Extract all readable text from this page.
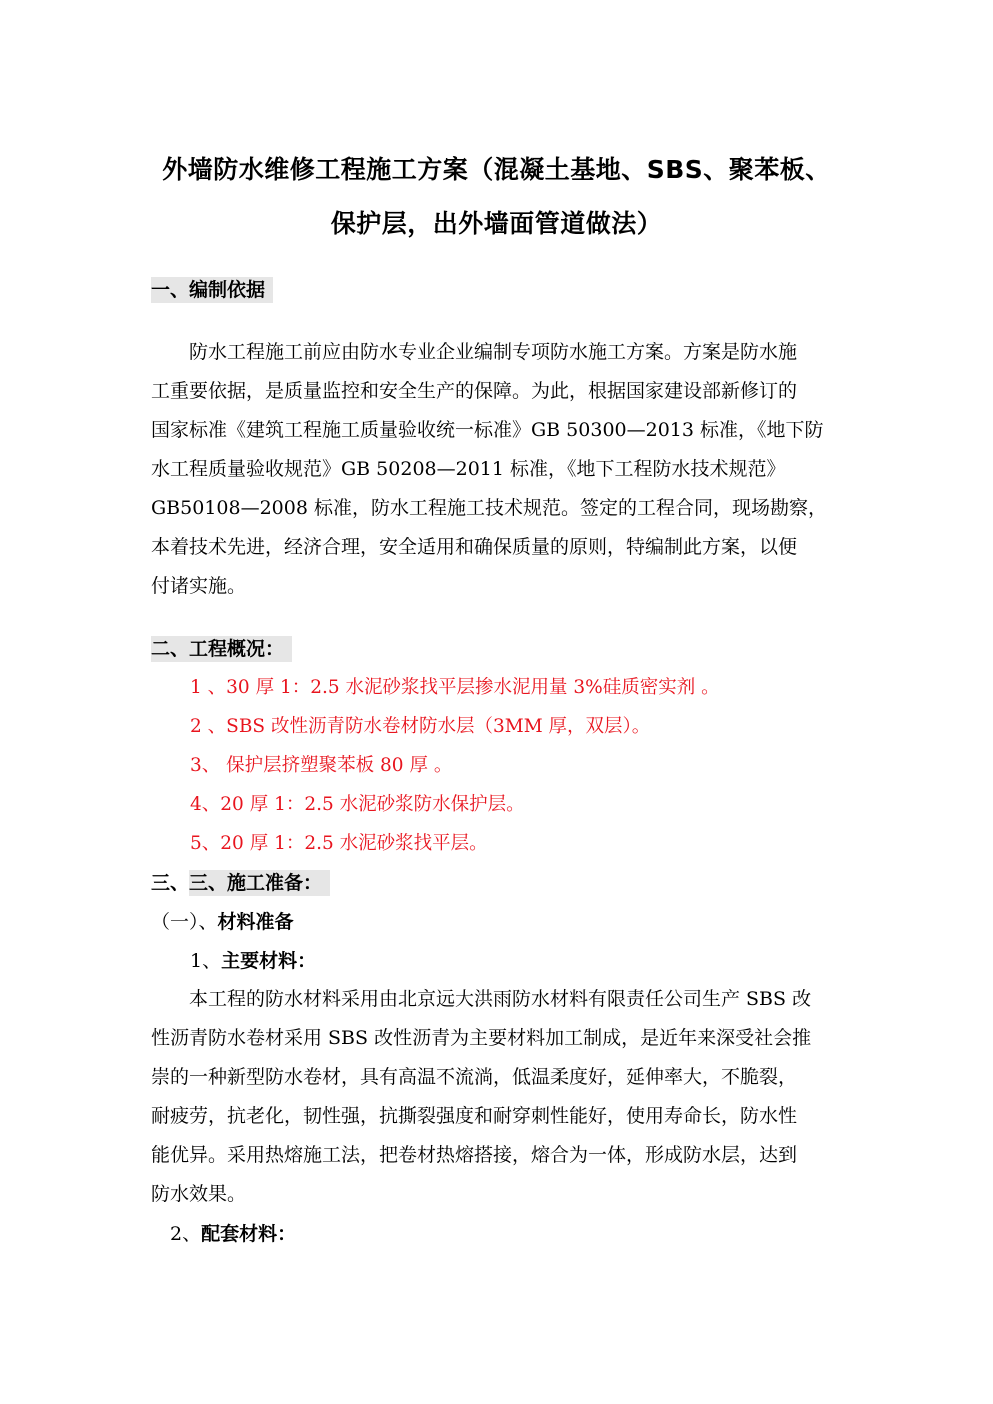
外墙防水维修工程施工方案（混凝土基地、SBS、聚苯板、
保护层，出外墙面管道做法）
一、编制依据
　　防水工程施工前应由防水专业企业编制专项防水施工方案。方案是防水施
工重要依据，是质量监控和安全生产的保障。为此，根据国家建设部新修订的
国家标准《建筑工程施工质量验收统一标准》GB 50300—2013 标准，《地下防
水工程质量验收规范》GB 50208—2011 标准，《地下工程防水技术规范》
GB50108—2008 标准，防水工程施工技术规范。签定的工程合同，现场勘察，
本着技术先进，经济合理，安全适用和确保质量的原则，特编制此方案，以便
付诸实施。
二、工程概况：
1 、30 厚 1：2.5 水泥砂浆找平层掺水泥用量 3%硅质密实剂 。
2 、SBS 改性沥青防水卷材防水层（3MM 厚，双层）。
3、 保护层挤塑聚苯板 80 厚 。
4、20 厚 1：2.5 水泥砂浆防水保护层。
5、20 厚 1：2.5 水泥砂浆找平层。
三、三、施工准备：
（一）、材料准备
1、主要材料：
　　本工程的防水材料采用由北京远大洪雨防水材料有限责任公司生产 SBS 改
性沥青防水卷材采用 SBS 改性沥青为主要材料加工制成，是近年来深受社会推
崇的一种新型防水卷材，具有高温不流淌，低温柔度好，延伸率大，不脆裂，
耐疲劳，抗老化，韧性强，抗撕裂强度和耐穿刺性能好，使用寿命长，防水性
能优异。采用热熔施工法，把卷材热熔搭接，熔合为一体，形成防水层，达到
防水效果。
2、配套材料：
